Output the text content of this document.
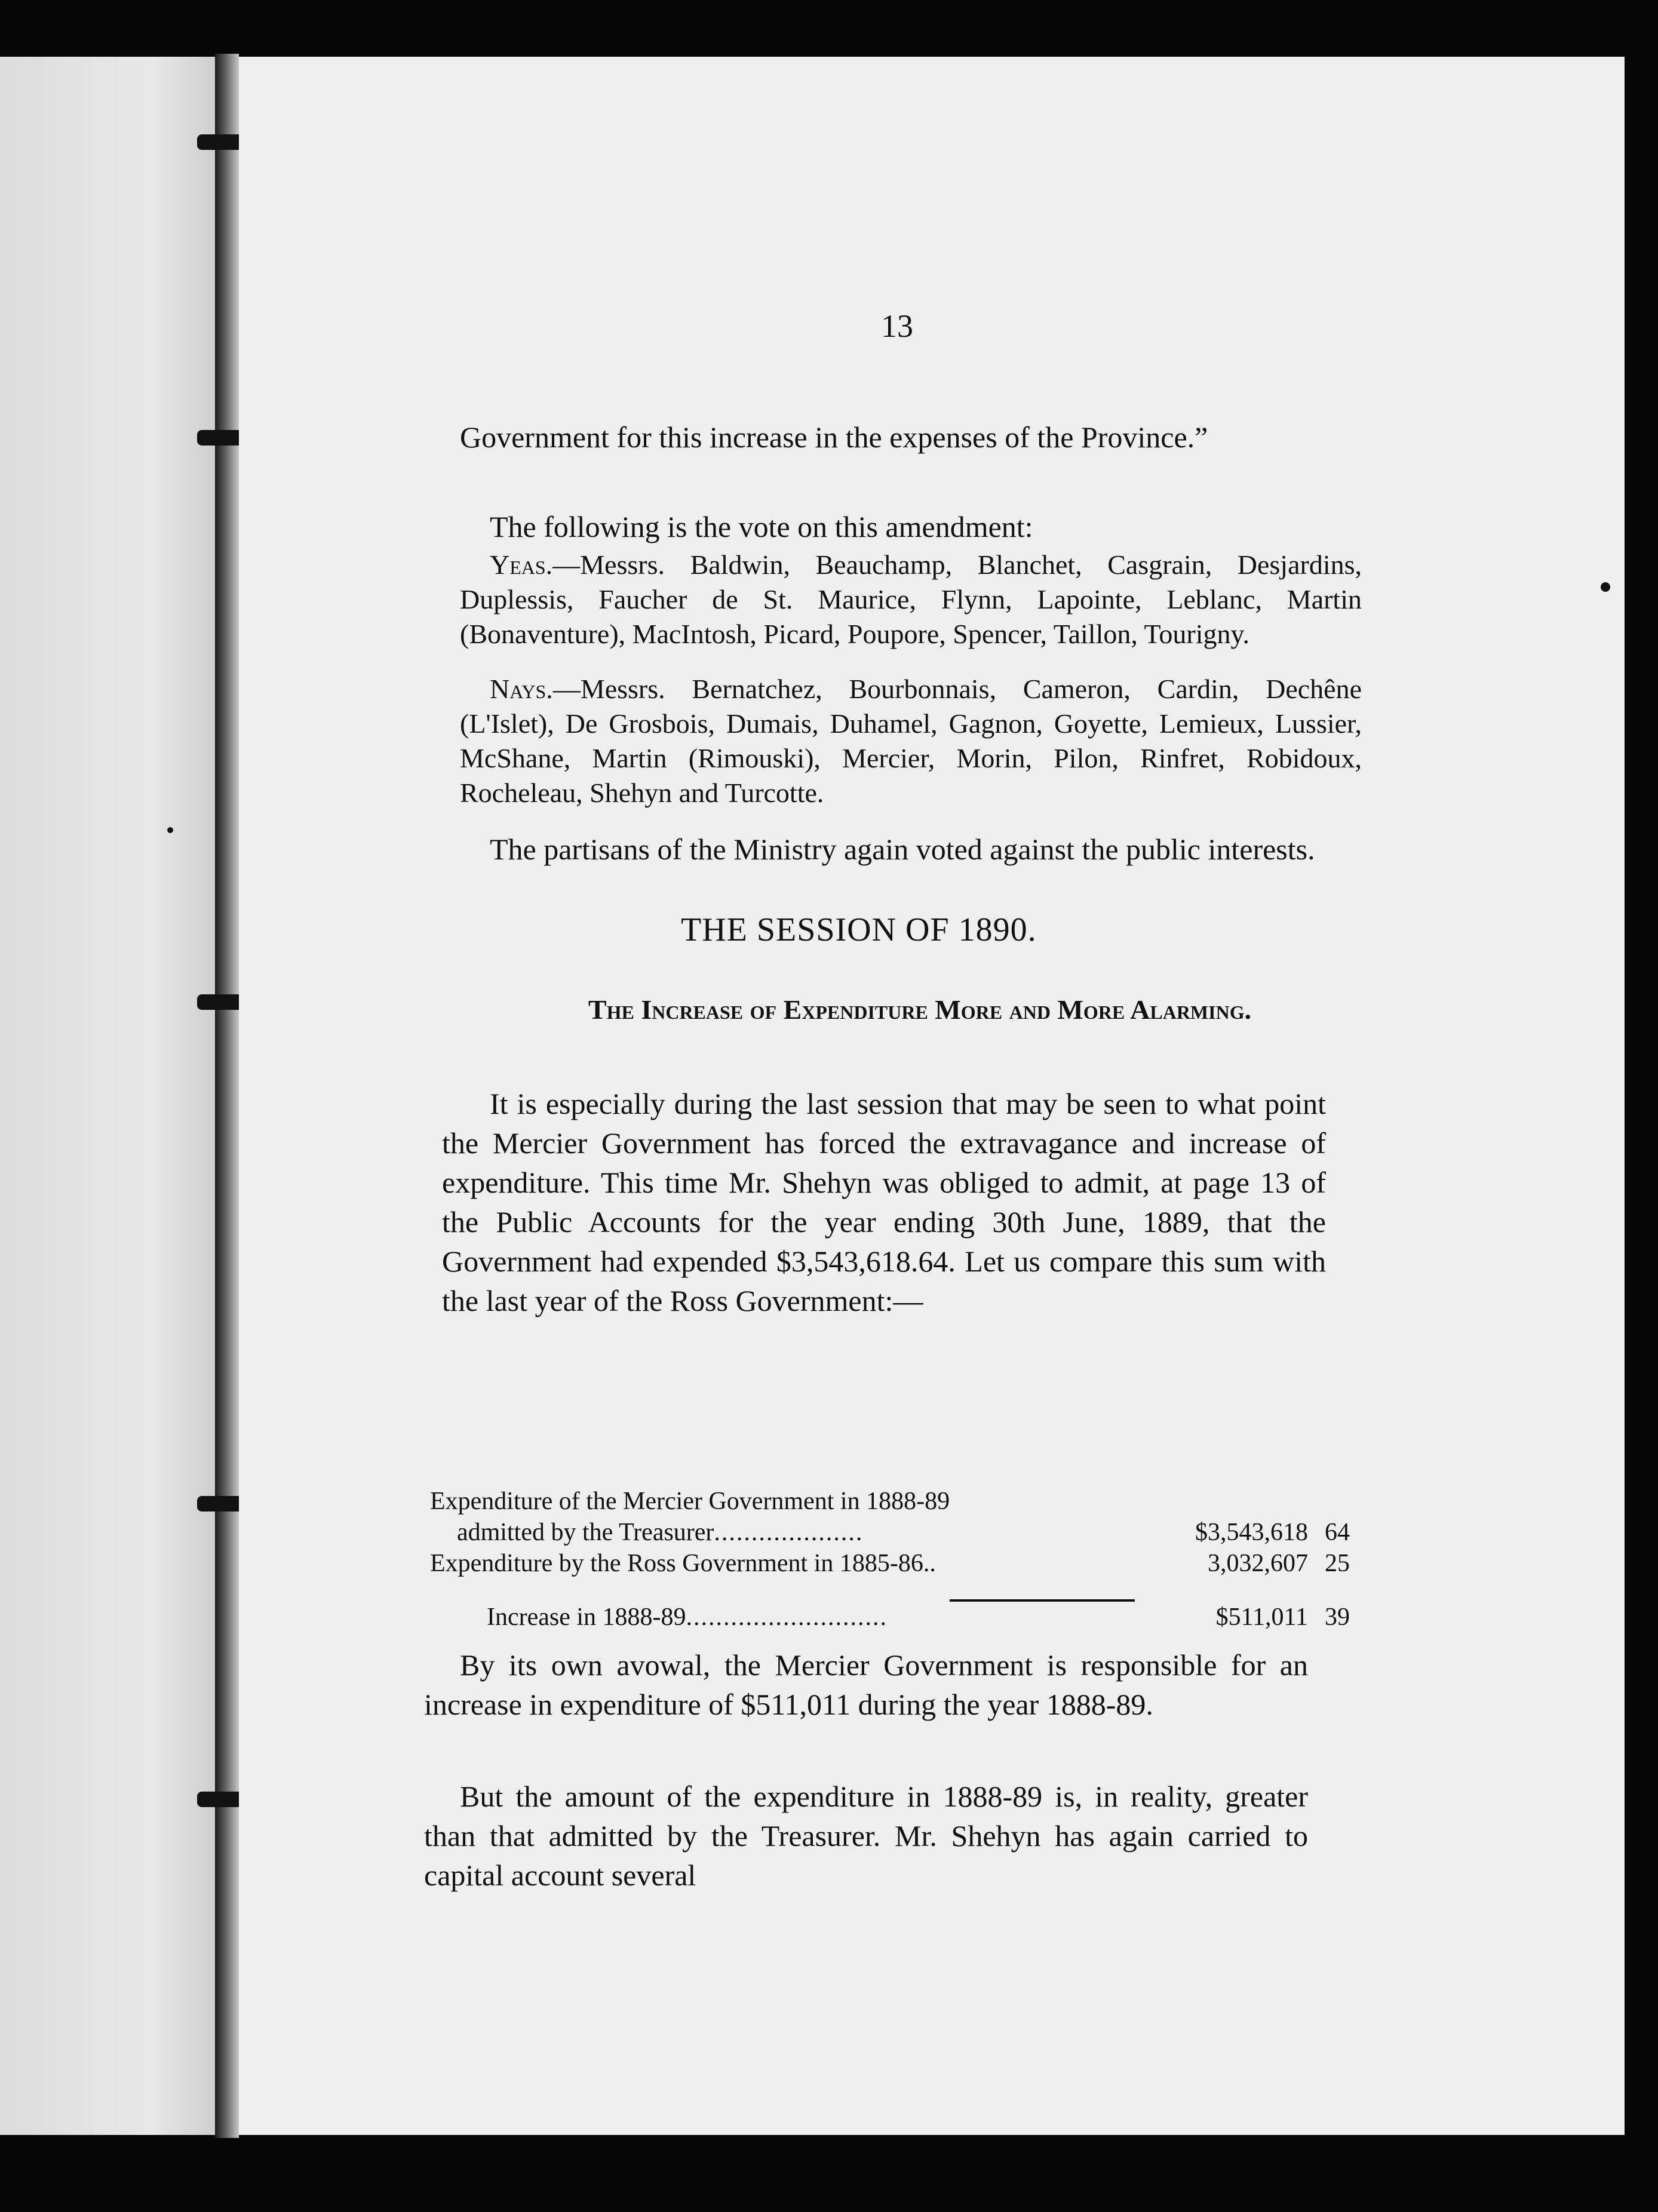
13
Government for this increase in the expenses of the Province.”
The following is the vote on this amendment:
Yeas.—Messrs. Baldwin, Beauchamp, Blanchet, Casgrain, Desjardins, Duplessis, Faucher de St. Maurice, Flynn, Lapointe, Leblanc, Martin (Bonaventure), MacIntosh, Picard, Poupore, Spencer, Taillon, Tourigny.
Nays.—Messrs. Bernatchez, Bourbonnais, Cameron, Cardin, Dechêne (L'Islet), De Grosbois, Dumais, Duhamel, Gagnon, Goyette, Lemieux, Lussier, McShane, Martin (Rimouski), Mercier, Morin, Pilon, Rinfret, Robidoux, Rocheleau, Shehyn and Turcotte.
The partisans of the Ministry again voted against the public interests.
THE SESSION OF 1890.
The Increase of Expenditure More and More Alarming.
It is especially during the last session that may be seen to what point the Mercier Government has forced the extravagance and increase of expenditure. This time Mr. Shehyn was obliged to admit, at page 13 of the Public Accounts for the year ending 30th June, 1889, that the Government had expended $3,543,618.64. Let us compare this sum with the last year of the Ross Government:—
Expenditure of the Mercier Government in 1888-89
admitted by the Treasurer....................	$3,543,618 64
Expenditure by the Ross Government in 1885-86..	3,032,607 25
Increase in 1888-89...........................	$511,011 39
By its own avowal, the Mercier Government is responsible for an increase in expenditure of $511,011 during the year 1888-89.
But the amount of the expenditure in 1888-89 is, in reality, greater than that admitted by the Treasurer. Mr. Shehyn has again carried to capital account several
